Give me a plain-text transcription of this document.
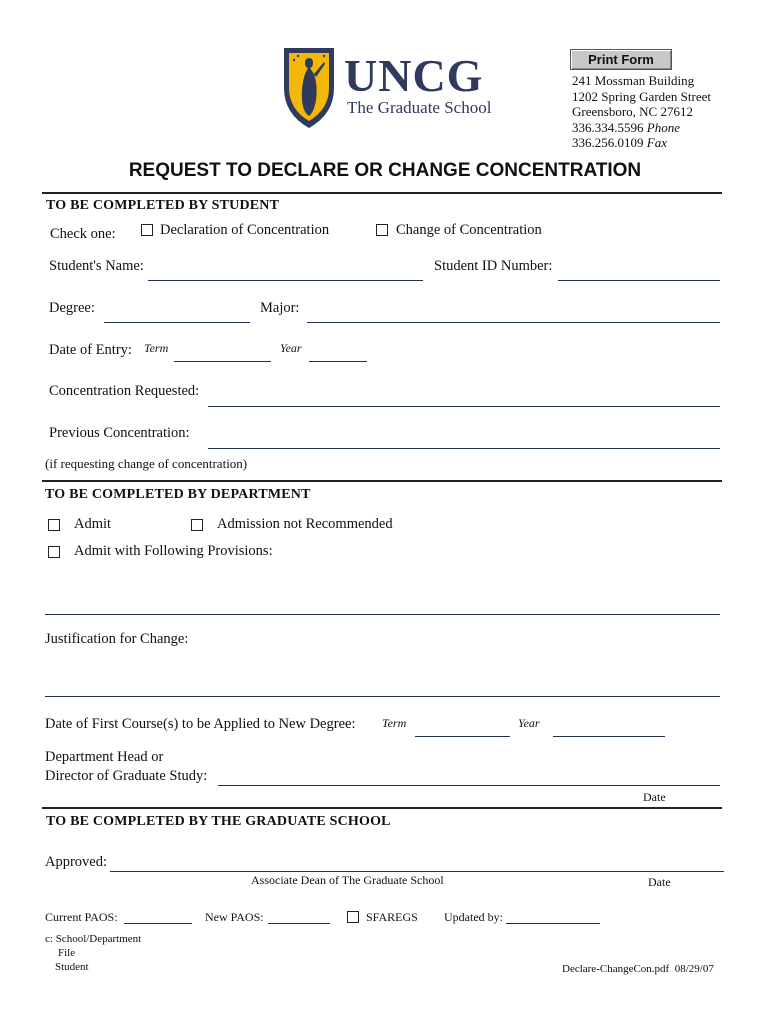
UNCG
The Graduate School
Print Form
241 Mossman Building
1202 Spring Garden Street
Greensboro, NC 27612
336.334.5596 Phone
336.256.0109 Fax
REQUEST TO DECLARE OR CHANGE CONCENTRATION
TO BE COMPLETED BY STUDENT
Check one:	Declaration of Concentration	Change of Concentration
Student's Name:	Student ID Number:
Degree:	Major:
Date of Entry: Term	Year
Concentration Requested:
Previous Concentration:
(if requesting change of concentration)
TO BE COMPLETED BY DEPARTMENT
Admit	Admission not Recommended
Admit with Following Provisions:
Justification for Change:
Date of First Course(s) to be Applied to New Degree: Term	Year
Department Head or
Director of Graduate Study:
Date
TO BE COMPLETED BY THE GRADUATE SCHOOL
Approved:
Associate Dean of The Graduate School	Date
Current PAOS:	New PAOS:	SFAREGS Updated by:
c: School/Department
File
Student	Declare-ChangeCon.pdf 08/29/07
